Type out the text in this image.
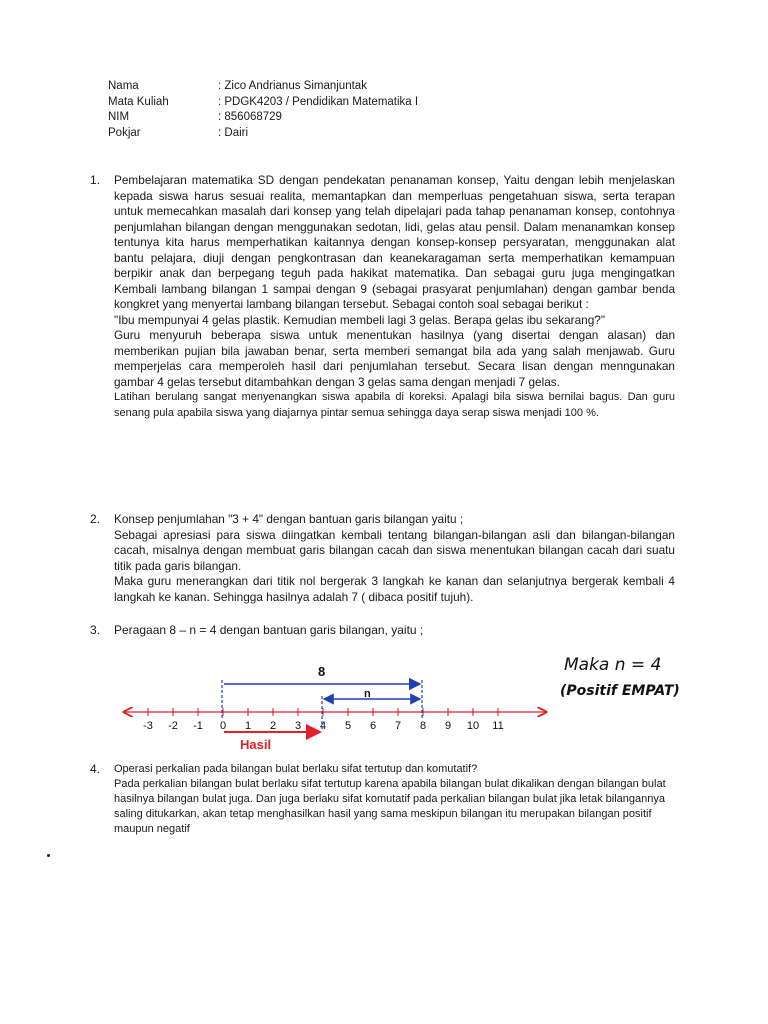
Nama	: Zico Andrianus Simanjuntak
Mata Kuliah	: PDGK4203 / Pendidikan Matematika I
NIM	: 856068729
Pokjar	: Dairi
1. Pembelajaran matematika SD dengan pendekatan penanaman konsep, Yaitu dengan lebih menjelaskan kepada siswa harus sesuai realita, memantapkan dan memperluas pengetahuan siswa, serta terapan untuk memecahkan masalah dari konsep yang telah dipelajari pada tahap penanaman konsep, contohnya penjumlahan bilangan dengan menggunakan sedotan, lidi, gelas atau pensil. Dalam menanamkan konsep tentunya kita harus memperhatikan kaitannya dengan konsep-konsep persyaratan, menggunakan alat bantu pelajara, diuji dengan pengkontrasan dan keanekaragaman serta memperhatikan kemampuan berpikir anak dan berpegang teguh pada hakikat matematika. Dan sebagai guru juga mengingatkan Kembali lambang bilangan 1 sampai dengan 9 (sebagai prasyarat penjumlahan) dengan gambar benda kongkret yang menyertai lambang bilangan tersebut. Sebagai contoh soal sebagai berikut :

"Ibu mempunyai 4 gelas plastik. Kemudian membeli lagi 3 gelas. Berapa gelas ibu sekarang?"

Guru menyuruh beberapa siswa untuk menentukan hasilnya (yang disertai dengan alasan) dan memberikan pujian bila jawaban benar, serta memberi semangat bila ada yang salah menjawab. Guru memperjelas cara memperoleh hasil dari penjumlahan tersebut. Secara lisan dengan menngunakan gambar 4 gelas tersebut ditambahkan dengan 3 gelas sama dengan menjadi 7 gelas.

Latihan berulang sangat menyenangkan siswa apabila di koreksi. Apalagi bila siswa bernilai bagus. Dan guru senang pula apabila siswa yang diajarnya pintar semua sehingga daya serap siswa menjadi 100 %.

2. Konsep penjumlahan "3 + 4" dengan bantuan garis bilangan yaitu ;

Sebagai apresiasi para siswa diingatkan kembali tentang bilangan-bilangan asli dan bilangan-bilangan cacah, misalnya dengan membuat garis bilangan cacah dan siswa menentukan bilangan cacah dari suatu titik pada garis bilangan.

Maka guru menerangkan dari titik nol bergerak 3 langkah ke kanan dan selanjutnya bergerak kembali 4 langkah ke kanan. Sehingga hasilnya adalah 7 ( dibaca positif tujuh).

3. Peragaan 8 – n = 4 dengan bantuan garis bilangan, yaitu ;
-3 -2 -1 0 1 2 3 4 5 6 7 8 9 10 11
8
n
Hasil
Maka n = 4
(Positif EMPAT)
4. Operasi perkalian pada bilangan bulat berlaku sifat tertutup dan komutatif?

Pada perkalian bilangan bulat berlaku sifat tertutup karena apabila bilangan bulat dikalikan dengan bilangan bulat hasilnya bilangan bulat juga. Dan juga berlaku sifat komutatif pada perkalian bilangan bulat jika letak bilangannya saling ditukarkan, akan tetap menghasilkan hasil yang sama meskipun bilangan itu merupakan bilangan positif maupun negatif
